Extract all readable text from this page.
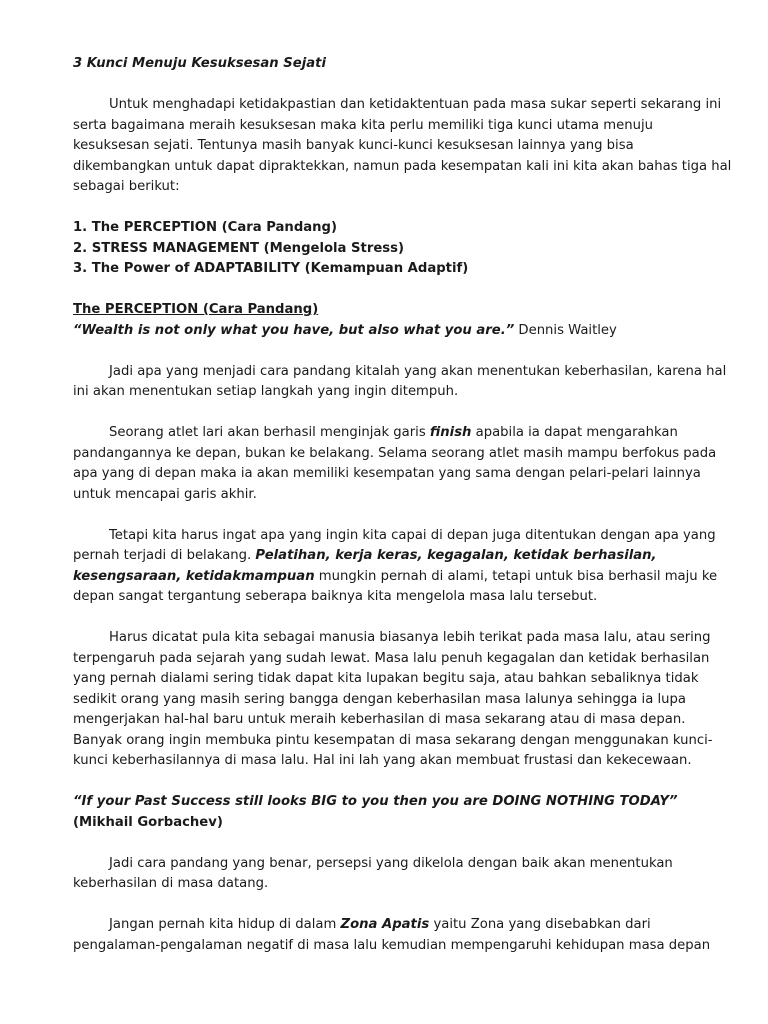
3 Kunci Menuju Kesuksesan Sejati

Untuk menghadapi ketidakpastian dan ketidaktentuan pada masa sukar seperti sekarang ini serta bagaimana meraih kesuksesan maka kita perlu memiliki tiga kunci utama menuju kesuksesan sejati. Tentunya masih banyak kunci-kunci kesuksesan lainnya yang bisa dikembangkan untuk dapat dipraktekkan, namun pada kesempatan kali ini kita akan bahas tiga hal sebagai berikut:

1. The PERCEPTION (Cara Pandang)

2. STRESS MANAGEMENT (Mengelola Stress)

3. The Power of ADAPTABILITY (Kemampuan Adaptif)

The PERCEPTION (Cara Pandang)

“Wealth is not only what you have, but also what you are.” Dennis Waitley

Jadi apa yang menjadi cara pandang kitalah yang akan menentukan keberhasilan, karena hal ini akan menentukan setiap langkah yang ingin ditempuh.

Seorang atlet lari akan berhasil menginjak garis finish apabila ia dapat mengarahkan pandangannya ke depan, bukan ke belakang. Selama seorang atlet masih mampu berfokus pada apa yang di depan maka ia akan memiliki kesempatan yang sama dengan pelari-pelari lainnya untuk mencapai garis akhir.

Tetapi kita harus ingat apa yang ingin kita capai di depan juga ditentukan dengan apa yang pernah terjadi di belakang. Pelatihan, kerja keras, kegagalan, ketidak berhasilan, kesengsaraan, ketidakmampuan mungkin pernah di alami, tetapi untuk bisa berhasil maju ke depan sangat tergantung seberapa baiknya kita mengelola masa lalu tersebut.

Harus dicatat pula kita sebagai manusia biasanya lebih terikat pada masa lalu, atau sering terpengaruh pada sejarah yang sudah lewat. Masa lalu penuh kegagalan dan ketidak berhasilan yang pernah dialami sering tidak dapat kita lupakan begitu saja, atau bahkan sebaliknya tidak sedikit orang yang masih sering bangga dengan keberhasilan masa lalunya sehingga ia lupa mengerjakan hal-hal baru untuk meraih keberhasilan di masa sekarang atau di masa depan. Banyak orang ingin membuka pintu kesempatan di masa sekarang dengan menggunakan kunci-kunci keberhasilannya di masa lalu. Hal ini lah yang akan membuat frustasi dan kekecewaan.

“If your Past Success still looks BIG to you then you are DOING NOTHING TODAY”

(Mikhail Gorbachev)

Jadi cara pandang yang benar, persepsi yang dikelola dengan baik akan menentukan keberhasilan di masa datang.

Jangan pernah kita hidup di dalam Zona Apatis yaitu Zona yang disebabkan dari pengalaman-pengalaman negatif di masa lalu kemudian mempengaruhi kehidupan masa depan
